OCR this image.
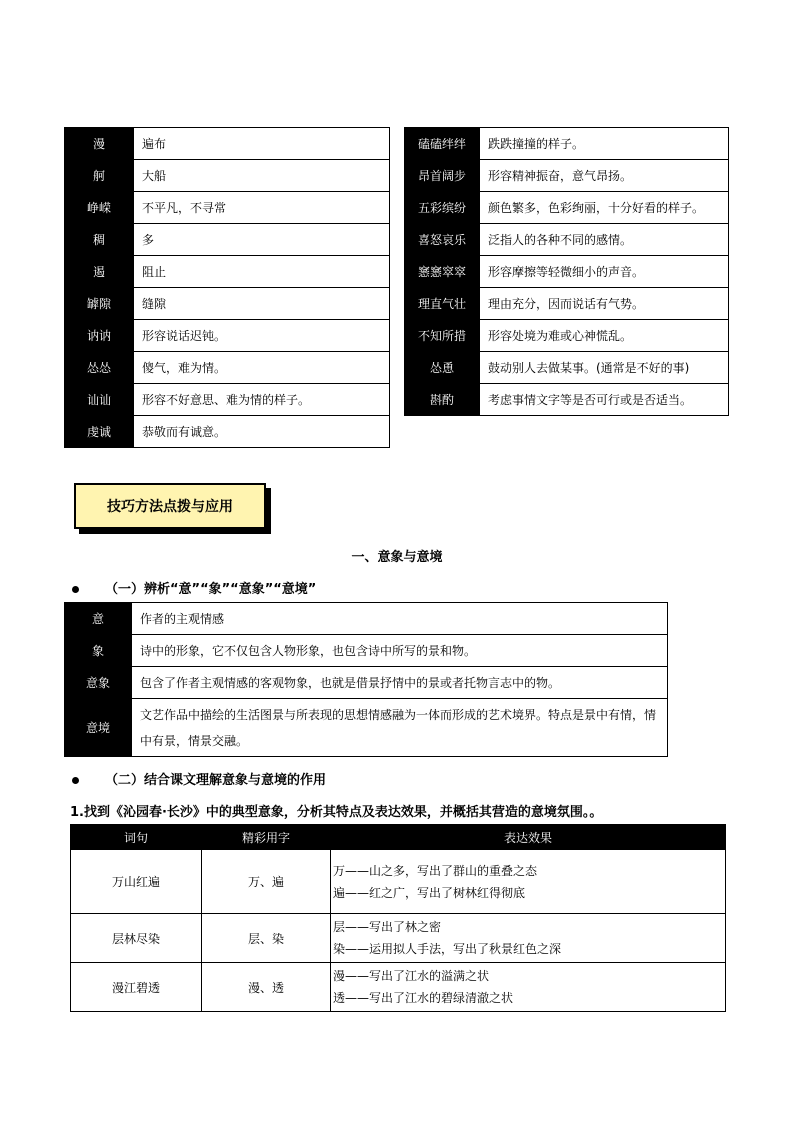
漫	遍布
舸	大船
峥嵘	不平凡，不寻常
稠	多
遏	阻止
罅隙	缝隙
讷讷	形容说话迟钝。
怂怂	傻气，难为情。
讪讪	形容不好意思、难为情的样子。
虔诚	恭敬而有诚意。
磕磕绊绊	跌跌撞撞的样子。
昂首阔步	形容精神振奋，意气昂扬。
五彩缤纷	颜色繁多，色彩绚丽，十分好看的样子。
喜怒哀乐	泛指人的各种不同的感情。
窸窸窣窣	形容摩擦等轻微细小的声音。
理直气壮	理由充分，因而说话有气势。
不知所措	形容处境为难或心神慌乱。
怂恿	鼓动别人去做某事。(通常是不好的事)
斟酌	考虑事情文字等是否可行或是否适当。
技巧方法点拨与应用
一、意象与意境
（一）辨析“意”“象”“意象”“意境”
意	作者的主观情感
象	诗中的形象，它不仅包含人物形象，也包含诗中所写的景和物。
意象	包含了作者主观情感的客观物象，也就是借景抒情中的景或者托物言志中的物。
意境	文艺作品中描绘的生活图景与所表现的思想情感融为一体而形成的艺术境界。特点是景中有情，情中有景，情景交融。
（二）结合课文理解意象与意境的作用
1.找到《沁园春·长沙》中的典型意象，分析其特点及表达效果，并概括其营造的意境氛围。。
词句	精彩用字	表达效果
万山红遍	万、遍	万——山之多，写出了群山的重叠之态
遍——红之广，写出了树林红得彻底

层林尽染	层、染	层——写出了林之密
染——运用拟人手法，写出了秋景红色之深

漫江碧透	漫、透	漫——写出了江水的溢满之状
透——写出了江水的碧绿清澈之状
